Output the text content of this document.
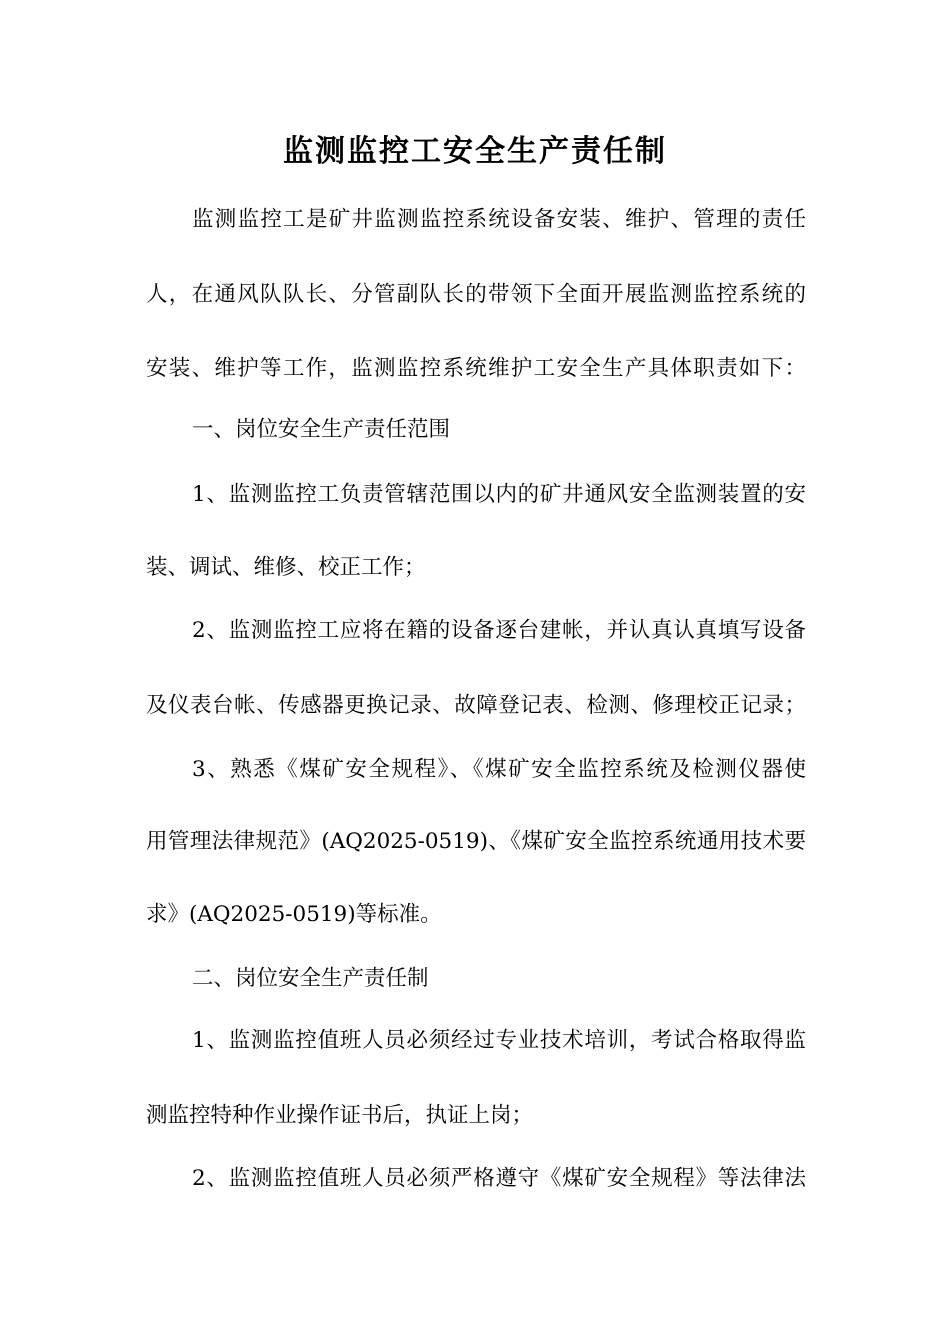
监测监控工安全生产责任制
监测监控工是矿井监测监控系统设备安装、维护、管理的责任
人，在通风队队长、分管副队长的带领下全面开展监测监控系统的
安装、维护等工作，监测监控系统维护工安全生产具体职责如下：
一、岗位安全生产责任范围
1、监测监控工负责管辖范围以内的矿井通风安全监测装置的安
装、调试、维修、校正工作；
2、监测监控工应将在籍的设备逐台建帐，并认真认真填写设备
及仪表台帐、传感器更换记录、故障登记表、检测、修理校正记录；
3、熟悉《煤矿安全规程》、《煤矿安全监控系统及检测仪器使
用管理法律规范》(AQ2025-0519)、《煤矿安全监控系统通用技术要
求》(AQ2025-0519)等标准。
二、岗位安全生产责任制
1、监测监控值班人员必须经过专业技术培训，考试合格取得监
测监控特种作业操作证书后，执证上岗；
2、监测监控值班人员必须严格遵守《煤矿安全规程》等法律法
